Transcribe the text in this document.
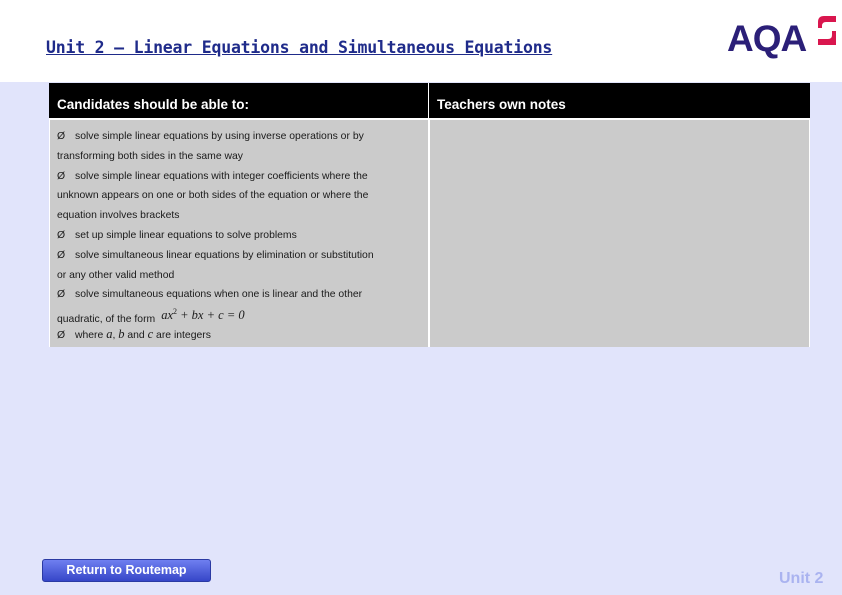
Unit 2 – Linear Equations and Simultaneous Equations	AQA
Candidates should be able to:	Teachers own notes
Ø solve simple linear equations by using inverse operations or by
transforming both sides in the same way
Ø solve simple linear equations with integer coefficients where the
unknown appears on one or both sides of the equation or where the
equation involves brackets
Ø set up simple linear equations to solve problems
Ø solve simultaneous linear equations by elimination or substitution
or any other valid method
Ø solve simultaneous equations when one is linear and the other
quadratic, of the form $ax^2$ + bx + c = 0
Ø where a, b and c are integers
Return to Routemap	Unit 2
